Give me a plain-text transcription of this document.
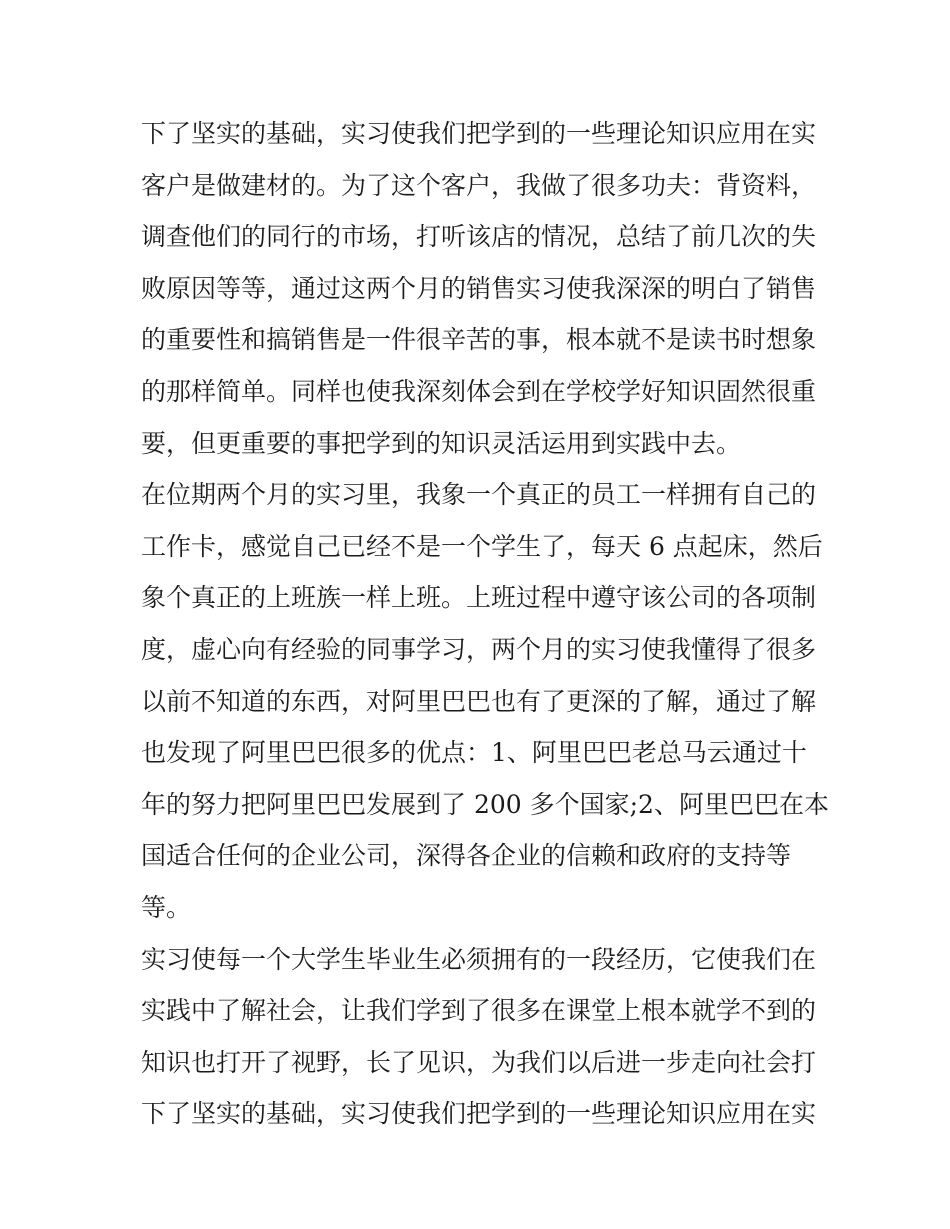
下了坚实的基础，实习使我们把学到的一些理论知识应用在实
客户是做建材的。为了这个客户，我做了很多功夫：背资料，
调查他们的同行的市场，打听该店的情况，总结了前几次的失
败原因等等，通过这两个月的销售实习使我深深的明白了销售
的重要性和搞销售是一件很辛苦的事，根本就不是读书时想象
的那样简单。同样也使我深刻体会到在学校学好知识固然很重
要，但更重要的事把学到的知识灵活运用到实践中去。
在位期两个月的实习里，我象一个真正的员工一样拥有自己的
工作卡，感觉自己已经不是一个学生了，每天 6 点起床，然后
象个真正的上班族一样上班。上班过程中遵守该公司的各项制
度，虚心向有经验的同事学习，两个月的实习使我懂得了很多
以前不知道的东西，对阿里巴巴也有了更深的了解，通过了解
也发现了阿里巴巴很多的优点：1、阿里巴巴老总马云通过十
年的努力把阿里巴巴发展到了 200 多个国家;2、阿里巴巴在本
国适合任何的企业公司，深得各企业的信赖和政府的支持等
等。
实习使每一个大学生毕业生必须拥有的一段经历，它使我们在
实践中了解社会，让我们学到了很多在课堂上根本就学不到的
知识也打开了视野，长了见识，为我们以后进一步走向社会打
下了坚实的基础，实习使我们把学到的一些理论知识应用在实
